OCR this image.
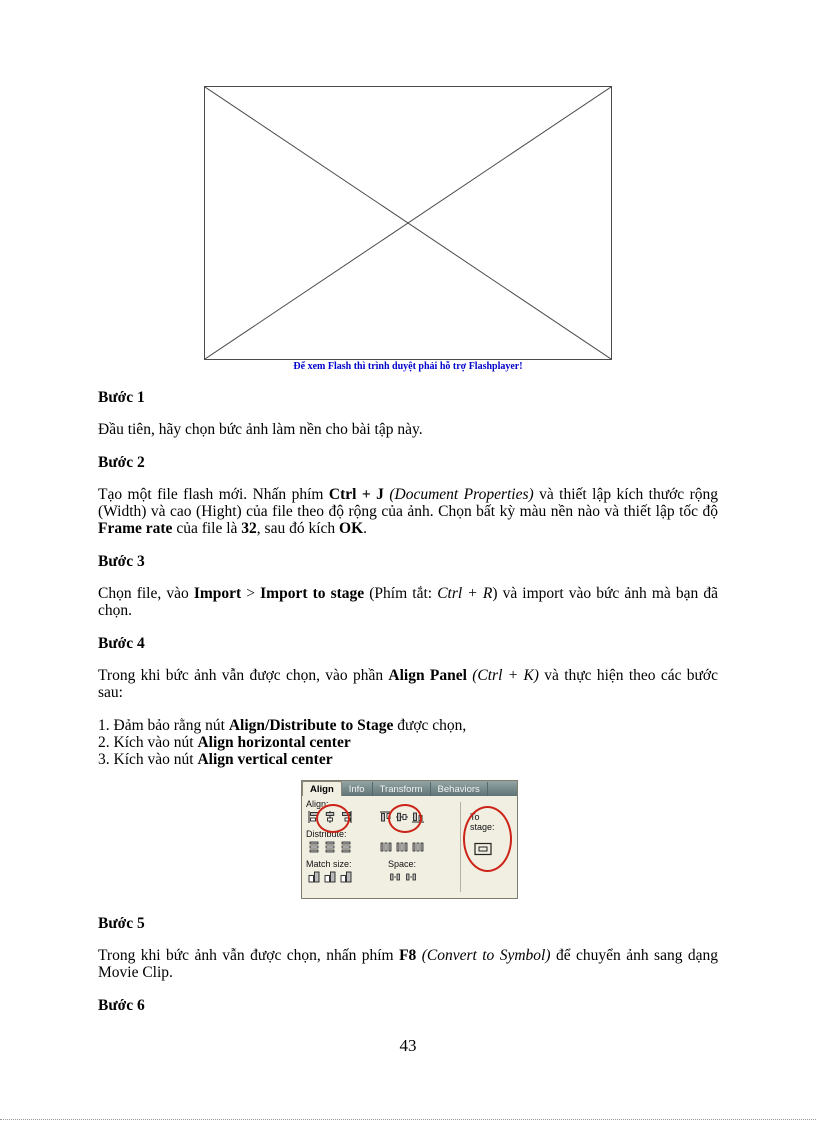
Để xem Flash thì trình duyệt phải hỗ trợ Flashplayer!

Bước 1

Đầu tiên, hãy chọn bức ảnh làm nền cho bài tập này.

Bước 2

Tạo một file flash mới. Nhấn phím Ctrl + J (Document Properties) và thiết lập kích thước rộng (Width) và cao (Hight) của file theo độ rộng của ảnh. Chọn bất kỳ màu nền nào và thiết lập tốc độ Frame rate của file là 32, sau đó kích OK.

Bước 3

Chọn file, vào Import > Import to stage (Phím tắt: Ctrl + R) và import vào bức ảnh mà bạn đã chọn.

Bước 4

Trong khi bức ảnh vẫn được chọn, vào phần Align Panel (Ctrl + K) và thực hiện theo các bước sau:

1. Đảm bảo rằng nút Align/Distribute to Stage được chọn,

2. Kích vào nút Align horizontal center

3. Kích vào nút Align vertical center

Align	Info	Transform	Behaviors
Align:
Distribute:
Match size:	Space:
To stage:

Bước 5

Trong khi bức ảnh vẫn được chọn, nhấn phím F8 (Convert to Symbol) để chuyển ảnh sang dạng Movie Clip.

Bước 6

43
